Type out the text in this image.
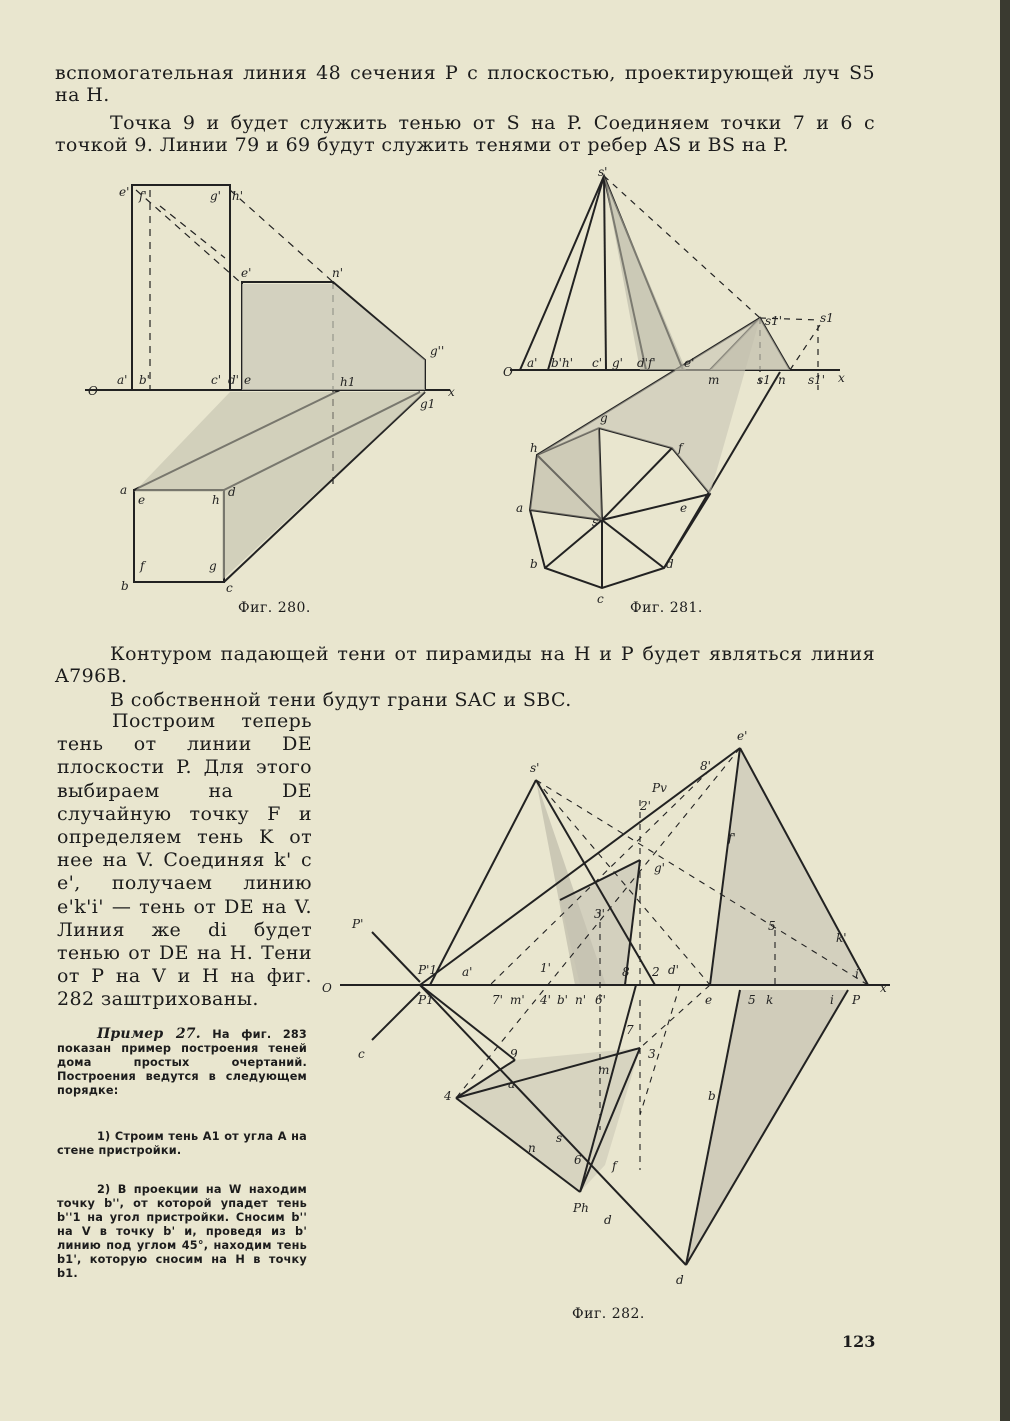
вспомогательная линия 48 сечения P с плоскостью, проектирующей луч S5 на H.

Точка 9 и будет служить тенью от S на P. Соединяем точки 7 и 6 с точкой 9. Линии 79 и 69 будут служить тенями от ребер AS и BS на P.

e' f'	g' h'
e'	n'
g''
a' b'	c' d' e	h1
g1
O	x
a
e
d
h
f	g
b	c
Фиг. 280.
s'
O
a' b'h' c' g' d'f' e'
s1'	s1
m	n
s1	s1' x
h
g
f
a	e
s
b	d
c
Фиг. 281.

Контуром падающей тени от пирамиды на H и P будет являться линия A796B.

В собственной тени будут грани SAC и SBC.

Построим теперь тень от линии DE плоскости P. Для этого выбираем на DE случайную точку F и определяем тень K от нее на V. Соединяя k' с e', получаем линию e'k'i' — тень от DE на V. Линия же di будет тенью от DE на H. Тени от P на V и H на фиг. 282 заштрихованы.

Пример 27. На фиг. 283 показан пример построения теней дома простых очертаний. Построения ведутся в следующем порядке:

1) Строим тень A1 от угла A на стене пристройки.

2) В проекции на W находим точку b'', от которой упадет тень b''1 на угол пристройки. Сносим b'' на V в точку b' и, проведя из b' линию под углом 45°, находим тень b1', которую сносим на H в точку b1.

e'
8'
s'
Pv
2'
f'
g'
3'
5
k'
P'
P'1 a'	1'	2 d'	i'
x
O
P1	7' m' 4' b' n' 6'
8
e	5 k	i P
c
7
9	3
m
a
4
s
n
6	f
b
Ph
d
d
Фиг. 282.
123
